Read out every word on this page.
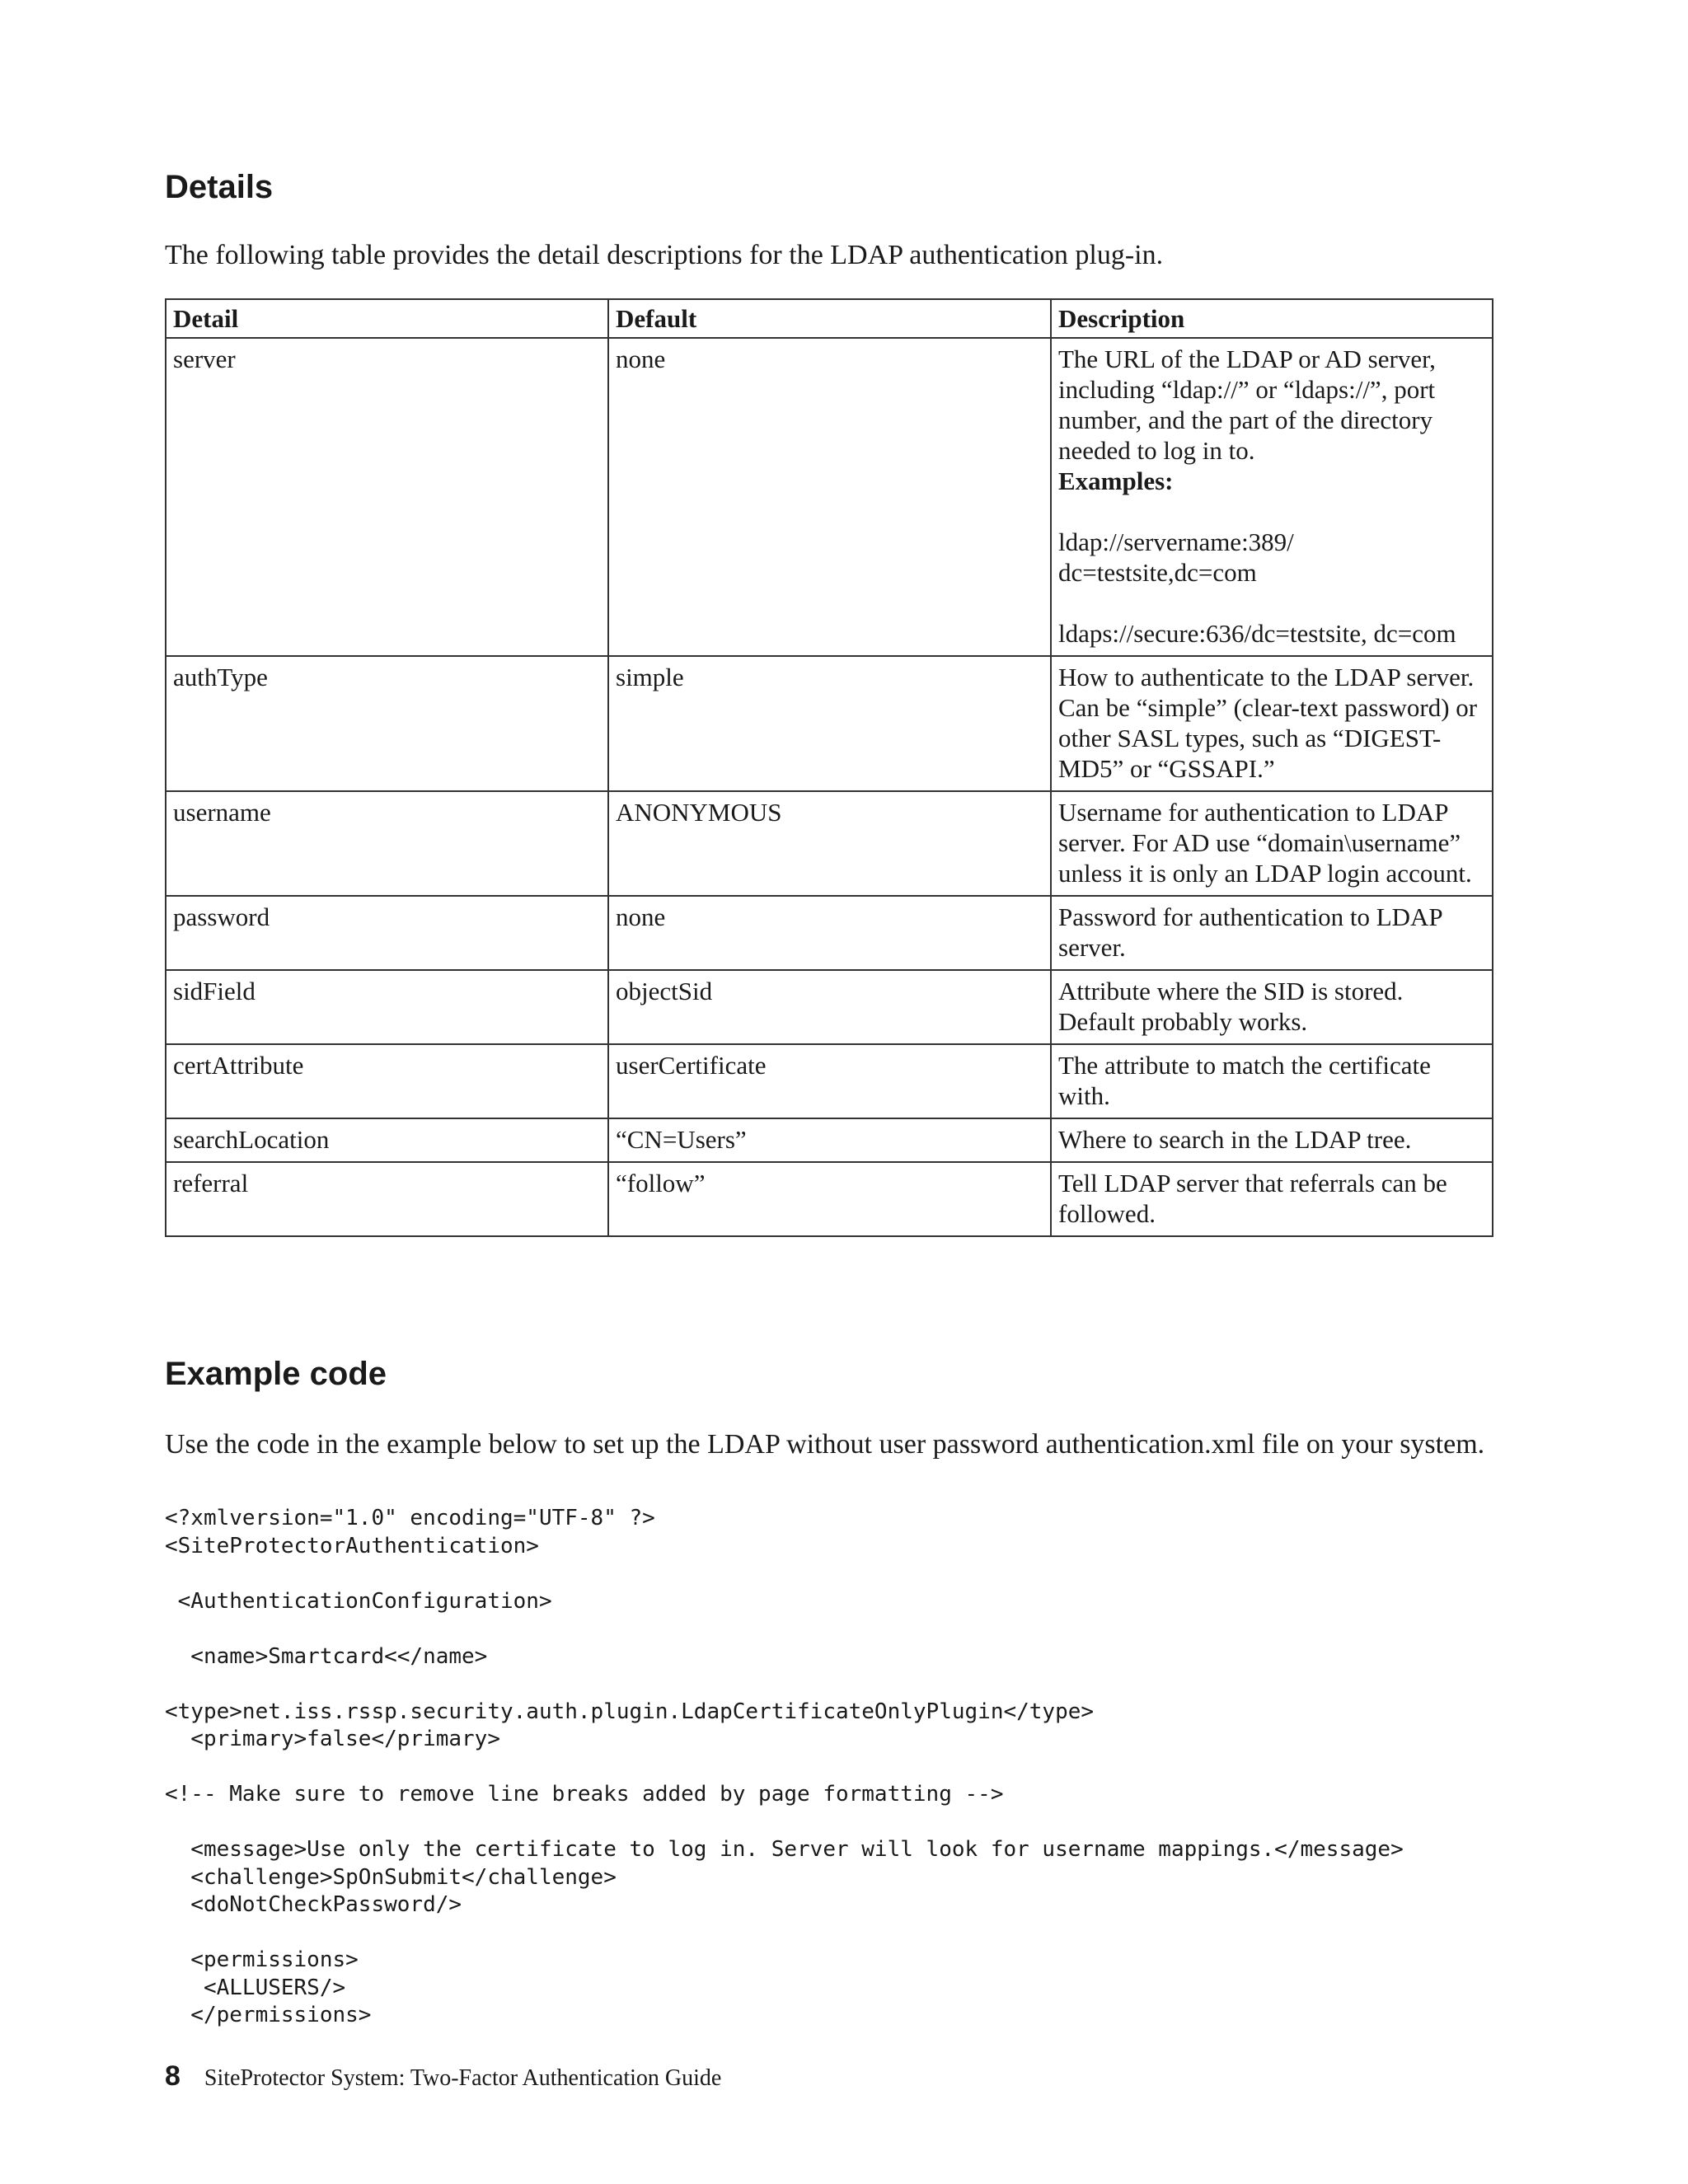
Details

The following table provides the detail descriptions for the LDAP authentication plug-in.

Detail	Default	Description
server	none	The URL of the LDAP or AD server, including “ldap://” or “ldaps://”, port number, and the part of the directory needed to log in to.
Examples:
ldap://servername:389/ dc=testsite,dc=com
ldaps://secure:636/dc=testsite, dc=com

authType	simple	How to authenticate to the LDAP server. Can be “simple” (clear-text password) or other SASL types, such as “DIGEST-MD5” or “GSSAPI.”
username	ANONYMOUS	Username for authentication to LDAP server. For AD use “domain\username” unless it is only an LDAP login account.
password	none	Password for authentication to LDAP server.
sidField	objectSid	Attribute where the SID is stored. Default probably works.
certAttribute	userCertificate	The attribute to match the certificate with.
searchLocation	“CN=Users”	Where to search in the LDAP tree.
referral	“follow”	Tell LDAP server that referrals can be followed.
Example code

Use the code in the example below to set up the LDAP without user password authentication.xml file on your system.

<?xmlversion="1.0" encoding="UTF-8" ?>
<SiteProtectorAuthentication>

<AuthenticationConfiguration>

<name>Smartcard<</name>

<type>net.iss.rssp.security.auth.plugin.LdapCertificateOnlyPlugin</type>
<primary>false</primary>

<!-- Make sure to remove line breaks added by page formatting -->

<message>Use only the certificate to log in. Server will look for username mappings.</message>
<challenge>SpOnSubmit</challenge>
<doNotCheckPassword/>

<permissions>
<ALLUSERS/>
</permissions>

8 SiteProtector System: Two-Factor Authentication Guide
